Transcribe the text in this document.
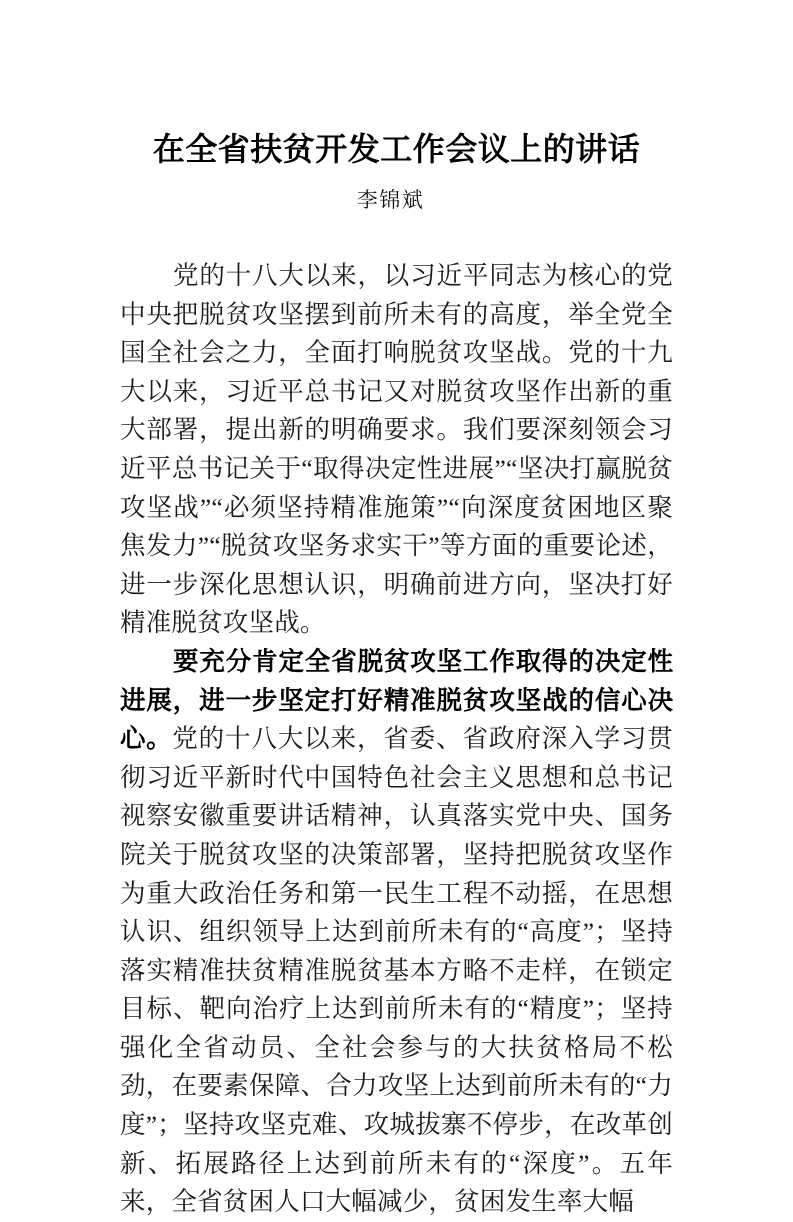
在全省扶贫开发工作会议上的讲话
李锦斌

党的十八大以来，以习近平同志为核心的党中央把脱贫攻坚摆到前所未有的高度，举全党全国全社会之力，全面打响脱贫攻坚战。党的十九大以来，习近平总书记又对脱贫攻坚作出新的重大部署，提出新的明确要求。我们要深刻领会习近平总书记关于“取得决定性进展”“坚决打赢脱贫攻坚战”“必须坚持精准施策”“向深度贫困地区聚焦发力”“脱贫攻坚务求实干”等方面的重要论述，进一步深化思想认识，明确前进方向，坚决打好精准脱贫攻坚战。

要充分肯定全省脱贫攻坚工作取得的决定性进展，进一步坚定打好精准脱贫攻坚战的信心决心。党的十八大以来，省委、省政府深入学习贯彻习近平新时代中国特色社会主义思想和总书记视察安徽重要讲话精神，认真落实党中央、国务院关于脱贫攻坚的决策部署，坚持把脱贫攻坚作为重大政治任务和第一民生工程不动摇，在思想认识、组织领导上达到前所未有的“高度”；坚持落实精准扶贫精准脱贫基本方略不走样，在锁定目标、靶向治疗上达到前所未有的“精度”；坚持强化全省动员、全社会参与的大扶贫格局不松劲，在要素保障、合力攻坚上达到前所未有的“力度”；坚持攻坚克难、攻城拔寨不停步，在改革创新、拓展路径上达到前所未有的“深度”。五年来，全省贫困人口大幅减少，贫困发生率大幅
